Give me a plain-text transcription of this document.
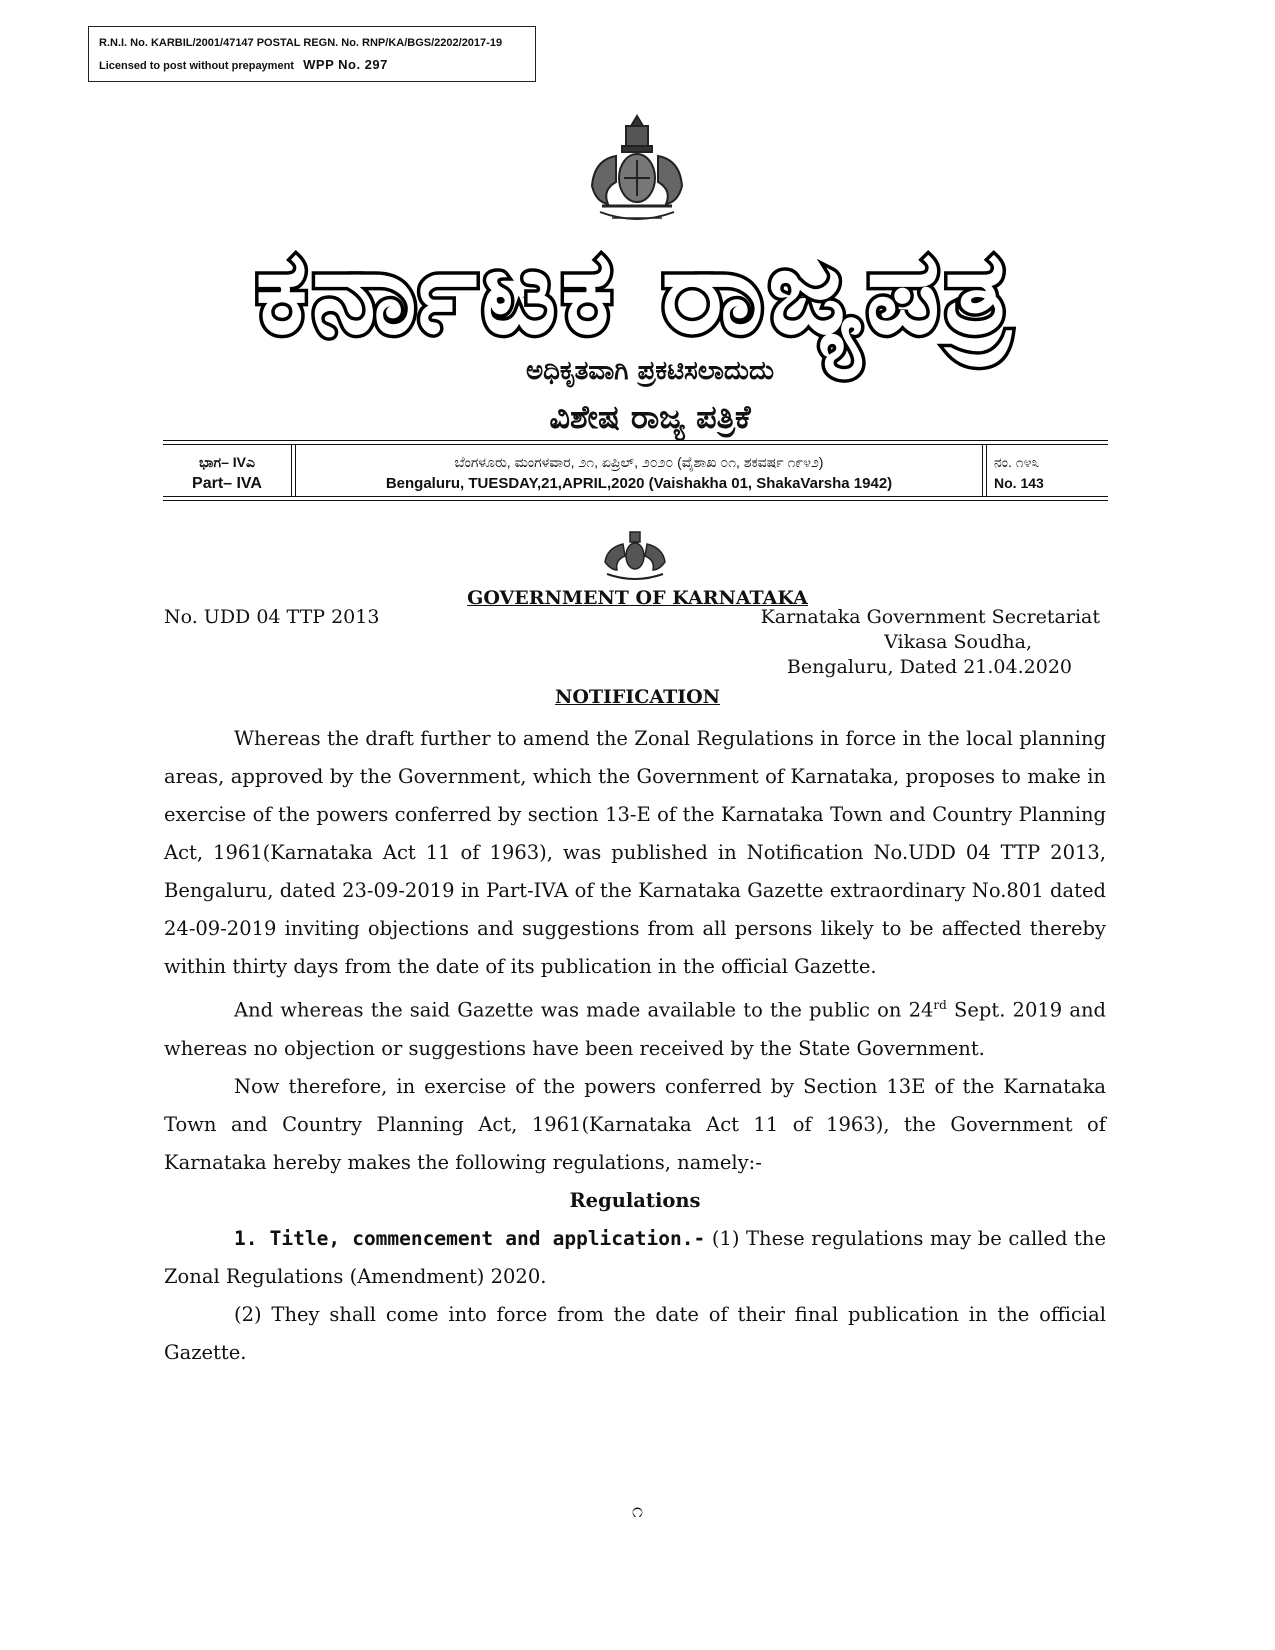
R.N.I. No. KARBIL/2001/47147 POSTAL REGN. No. RNP/KA/BGS/2202/2017-19
Licensed to post without prepayment WPP No. 297
ಕರ್ನಾಟಕ ರಾಜ್ಯಪತ್ರ
ಅಧಿಕೃತವಾಗಿ ಪ್ರಕಟಿಸಲಾದುದು
ವಿಶೇಷ ರಾಜ್ಯ ಪತ್ರಿಕೆ
ಭಾಗ– IVಎ
Part– IVA
ಬೆಂಗಳೂರು, ಮಂಗಳವಾರ, ೨೧, ಏಪ್ರಿಲ್, ೨೦೨೦ (ವೈಶಾಖ ೦೧, ಶಕವರ್ಷ ೧೯೪೨)
Bengaluru, TUESDAY,21,APRIL,2020 (Vaishakha 01, ShakaVarsha 1942)
ನಂ. ೧೪೩
No. 143
GOVERNMENT OF KARNATAKA
No. UDD 04 TTP 2013	Karnataka Government Secretariat
Vikasa Soudha,
Bengaluru, Dated 21.04.2020
NOTIFICATION

Whereas the draft further to amend the Zonal Regulations in force in the local planning areas, approved by the Government, which the Government of Karnataka, proposes to make in exercise of the powers conferred by section 13-E of the Karnataka Town and Country Planning Act, 1961(Karnataka Act 11 of 1963), was published in Notification No.UDD 04 TTP 2013, Bengaluru, dated 23-09-2019 in Part-IVA of the Karnataka Gazette extraordinary No.801 dated 24-09-2019 inviting objections and suggestions from all persons likely to be affected thereby within thirty days from the date of its publication in the official Gazette.

And whereas the said Gazette was made available to the public on 24rd Sept. 2019 and whereas no objection or suggestions have been received by the State Government.

Now therefore, in exercise of the powers conferred by Section 13E of the Karnataka Town and Country Planning Act, 1961(Karnataka Act 11 of 1963), the Government of Karnataka hereby makes the following regulations, namely:-

Regulations

1. Title, commencement and application.- (1) These regulations may be called the Zonal Regulations (Amendment) 2020.

(2) They shall come into force from the date of their final publication in the official Gazette.

೧
